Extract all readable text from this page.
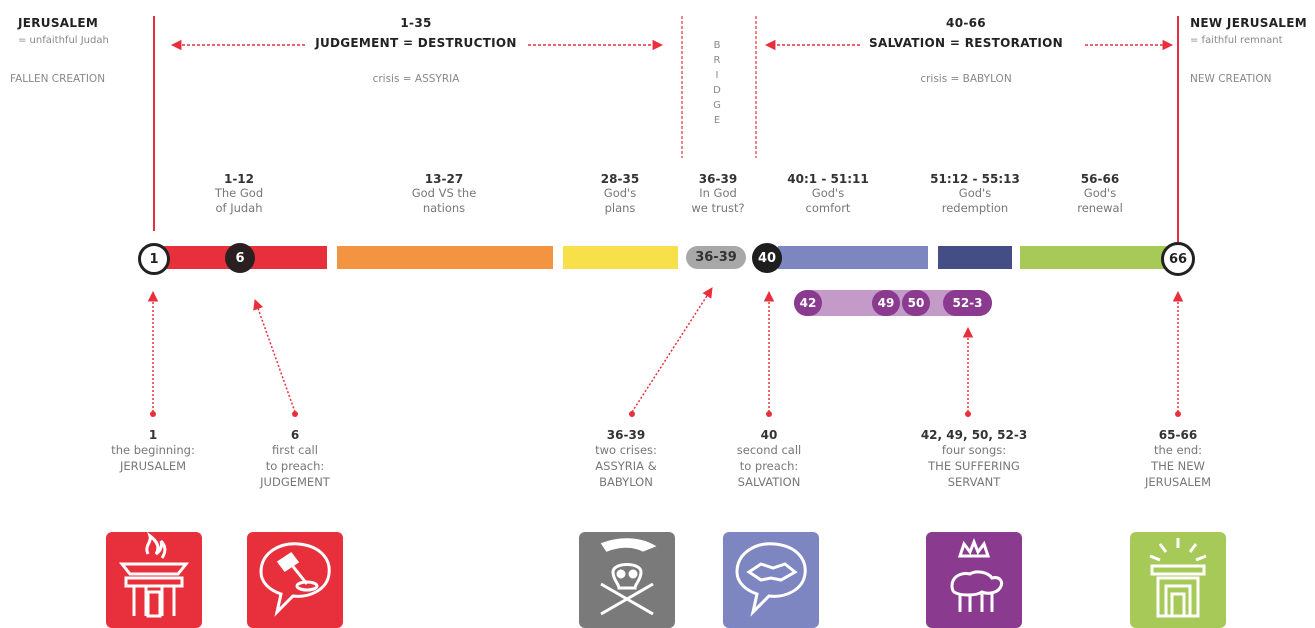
JERUSALEM
= unfaithful Judah
FALLEN CREATION
NEW JERUSALEM
= faithful remnant
NEW CREATION
1-35
JUDGEMENT = DESTRUCTION
crisis = ASSYRIA
40-66
SALVATION = RESTORATION
crisis = BABYLON
B
R
I
D
G
E
1-12
The God
of Judah
13-27
God VS the
nations
28-35
God's
plans
36-39
In God
we trust?
40:1 - 51:11
God's
comfort
51:12 - 55:13
God's
redemption
56-66
God's
renewal
36-39
1	6	40	66
42	49	50	52-3
1
the beginning:
JERUSALEM
6
first call
to preach:
JUDGEMENT
36-39
two crises:
ASSYRIA &
BABYLON
40
second call
to preach:
SALVATION
42, 49, 50, 52-3
four songs:
THE SUFFERING
SERVANT
65-66
the end:
THE NEW
JERUSALEM
